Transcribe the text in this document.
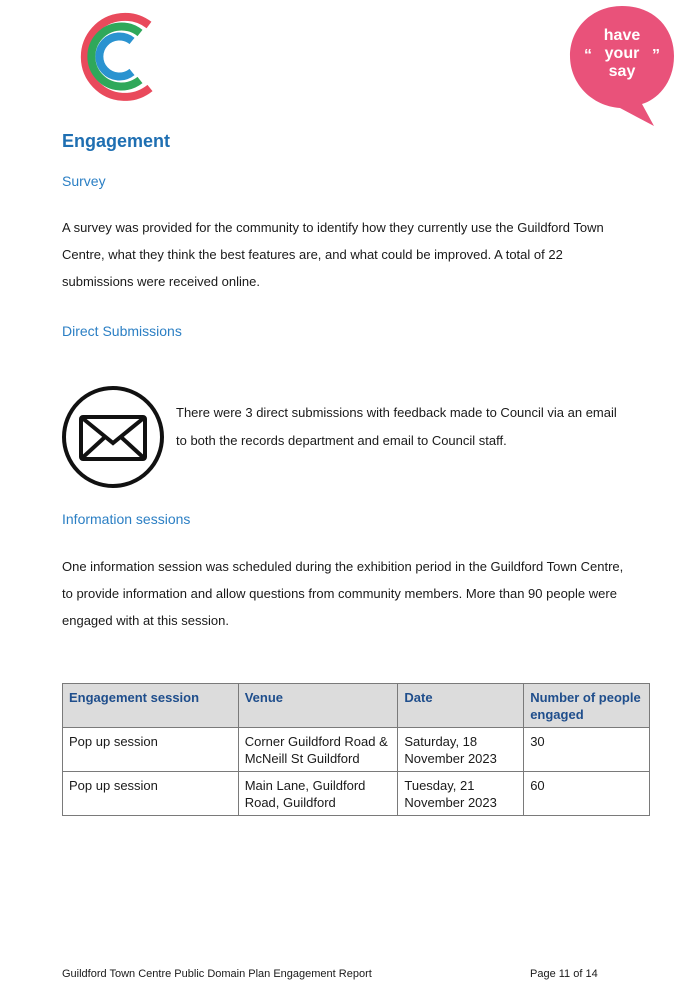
have
your
say
“	”
Engagement
Survey
A survey was provided for the community to identify how they currently use the Guildford Town Centre, what they think the best features are, and what could be improved. A total of 22 submissions were received online.
Direct Submissions
There were 3 direct submissions with feedback made to Council via an email to both the records department and email to Council staff.
Information sessions
One information session was scheduled during the exhibition period in the Guildford Town Centre, to provide information and allow questions from community members. More than 90 people were engaged with at this session.
Engagement session	Venue	Date	Number of people engaged
Pop up session	Corner Guildford Road & McNeill St Guildford	Saturday, 18 November 2023	30
Pop up session	Main Lane, Guildford Road, Guildford	Tuesday, 21 November 2023	60
Guildford Town Centre Public Domain Plan Engagement Report	Page 11 of 14
